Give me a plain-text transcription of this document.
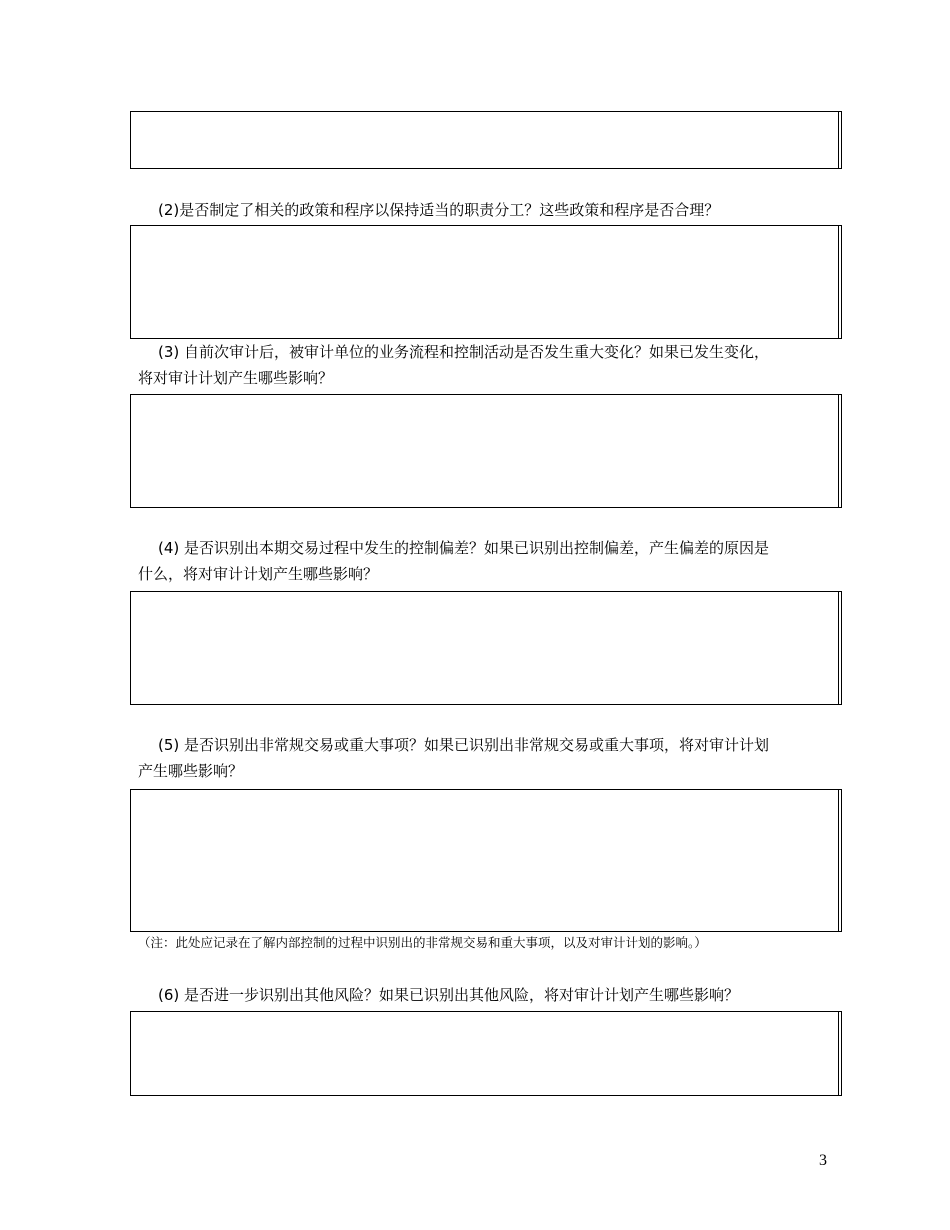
(2)是否制定了相关的政策和程序以保持适当的职责分工？这些政策和程序是否合理？

(3) 自前次审计后，被审计单位的业务流程和控制活动是否发生重大变化？如果已发生变化，
将对审计计划产生哪些影响？

(4) 是否识别出本期交易过程中发生的控制偏差？如果已识别出控制偏差，产生偏差的原因是
什么，将对审计计划产生哪些影响？

(5) 是否识别出非常规交易或重大事项？如果已识别出非常规交易或重大事项，将对审计计划
产生哪些影响？

（注：此处应记录在了解内部控制的过程中识别出的非常规交易和重大事项，以及对审计计划的影响。）

(6) 是否进一步识别出其他风险？如果已识别出其他风险，将对审计计划产生哪些影响？

3
